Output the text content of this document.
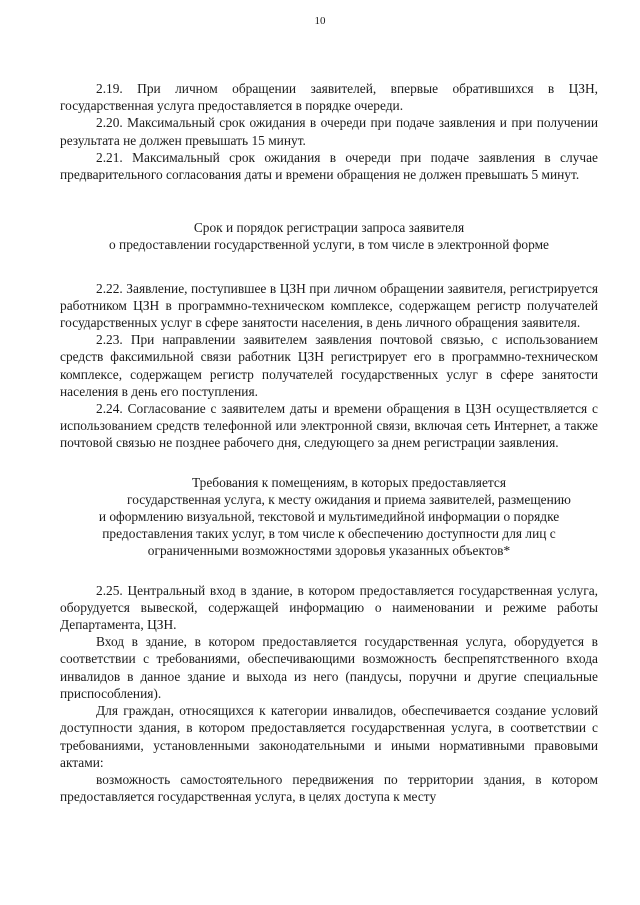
10

2.19. При личном обращении заявителей, впервые обратившихся в ЦЗН, государственная услуга предоставляется в порядке очереди.

2.20. Максимальный срок ожидания в очереди при подаче заявления и при получении результата не должен превышать 15 минут.

2.21. Максимальный срок ожидания в очереди при подаче заявления в случае предварительного согласования даты и времени обращения не должен превышать 5 минут.

Срок и порядок регистрации запроса заявителя

о предоставлении государственной услуги, в том числе в электронной форме

2.22. Заявление, поступившее в ЦЗН при личном обращении заявителя, регистрируется работником ЦЗН в программно-техническом комплексе, содержащем регистр получателей государственных услуг в сфере занятости населения, в день личного обращения заявителя.

2.23. При направлении заявителем заявления почтовой связью, с использованием средств факсимильной связи работник ЦЗН регистрирует его в программно-техническом комплексе, содержащем регистр получателей государственных услуг в сфере занятости населения в день его поступления.

2.24. Согласование с заявителем даты и времени обращения в ЦЗН осуществляется с использованием средств телефонной или электронной связи, включая сеть Интернет, а также почтовой связью не позднее рабочего дня, следующего за днем регистрации заявления.

Требования к помещениям, в которых предоставляется

государственная услуга, к месту ожидания и приема заявителей, размещению

и оформлению визуальной, текстовой и мультимедийной информации о порядке

предоставления таких услуг, в том числе к обеспечению доступности для лиц с

ограниченными возможностями здоровья указанных объектов*

2.25. Центральный вход в здание, в котором предоставляется государственная услуга, оборудуется вывеской, содержащей информацию о наименовании и режиме работы Департамента, ЦЗН.

Вход в здание, в котором предоставляется государственная услуга, оборудуется в соответствии с требованиями, обеспечивающими возможность беспрепятственного входа инвалидов в данное здание и выхода из него (пандусы, поручни и другие специальные приспособления).

Для граждан, относящихся к категории инвалидов, обеспечивается создание условий доступности здания, в котором предоставляется государственная услуга, в соответствии с требованиями, установленными законодательными и иными нормативными правовыми актами:

возможность самостоятельного передвижения по территории здания, в котором предоставляется государственная услуга, в целях доступа к месту
